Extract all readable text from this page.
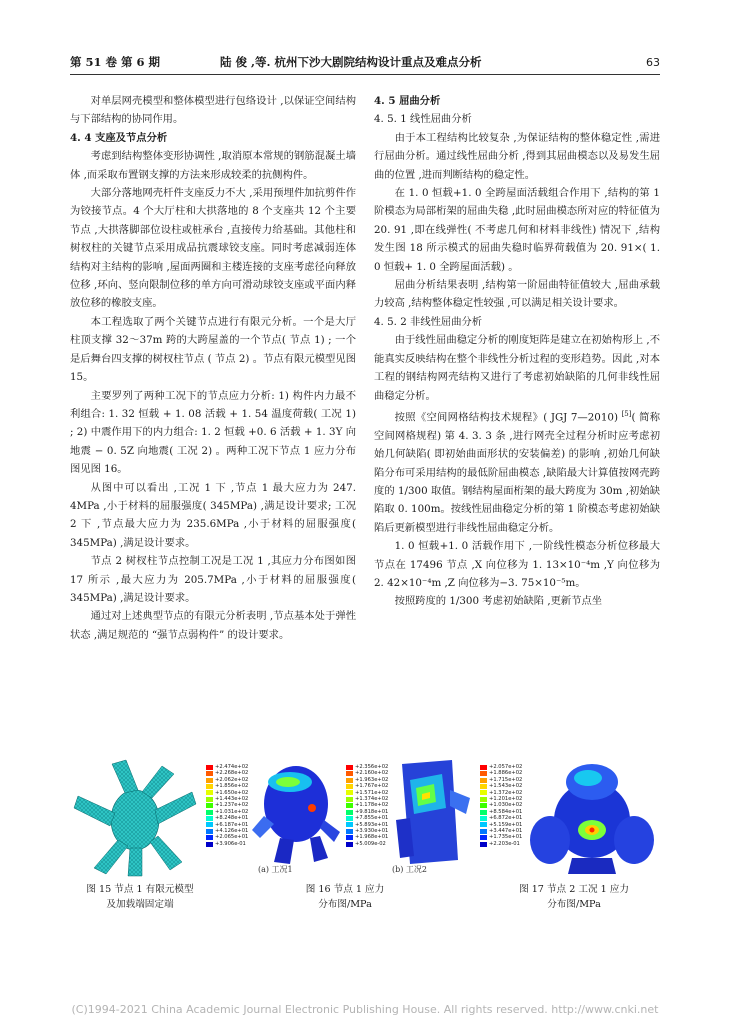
第 51 卷 第 6 期	陆 俊 ,等. 杭州下沙大剧院结构设计重点及难点分析	63

对单层网壳模型和整体模型进行包络设计 ,以保证空间结构与下部结构的协同作用。

4. 4 支座及节点分析

考虑到结构整体变形协调性 ,取消原本常规的钢筋混凝土墙体 ,而采取布置钢支撑的方法来形成较柔的抗侧构件。

大部分落地网壳杆件支座反力不大 ,采用预埋件加抗剪件作为铰接节点。4 个大厅柱和大拱落地的 8 个支座共 12 个主要节点 ,大拱落脚部位设柱或桩承台 ,直接传力给基础。其他柱和树杈柱的关键节点采用成品抗震球铰支座。同时考虑减弱连体结构对主结构的影响 ,屋面两圈和主楼连接的支座考虑径向释放位移 ,环向、竖向限制位移的单方向可滑动球铰支座或平面内释放位移的橡胶支座。

本工程选取了两个关键节点进行有限元分析。一个是大厅柱顶支撑 32～37m 跨的大跨屋盖的一个节点( 节点 1) ; 一个是后舞台四支撑的树杈柱节点 ( 节点 2) 。节点有限元模型见图 15。

主要罗列了两种工况下的节点应力分析: 1) 构件内力最不利组合: 1. 32 恒载 + 1. 08 活载 + 1. 54 温度荷载( 工况 1) ; 2) 中震作用下的内力组合: 1. 2 恒载 +0. 6 活载 + 1. 3Y 向地震 − 0. 5Z 向地震( 工况 2) 。两种工况下节点 1 应力分布图见图 16。

从图中可以看出 ,工况 1 下 ,节点 1 最大应力为 247. 4MPa ,小于材料的屈服强度( 345MPa) ,满足设计要求; 工况 2 下 ,节点最大应力为 235.6MPa ,小于材料的屈服强度( 345MPa) ,满足设计要求。

节点 2 树杈柱节点控制工况是工况 1 ,其应力分布图如图 17 所示 ,最大应力为 205.7MPa ,小于材料的屈服强度( 345MPa) ,满足设计要求。

通过对上述典型节点的有限元分析表明 ,节点基本处于弹性状态 ,满足规范的 “强节点弱构件” 的设计要求。

4. 5 屈曲分析
4. 5. 1 线性屈曲分析

由于本工程结构比较复杂 ,为保证结构的整体稳定性 ,需进行屈曲分析。通过线性屈曲分析 ,得到其屈曲模态以及易发生屈曲的位置 ,进而判断结构的稳定性。

在 1. 0 恒载+1. 0 全跨屋面活载组合作用下 ,结构的第 1 阶模态为局部桁架的屈曲失稳 ,此时屈曲模态所对应的特征值为 20. 91 ,即在线弹性( 不考虑几何和材料非线性) 情况下 ,结构发生图 18 所示模式的屈曲失稳时临界荷载值为 20. 91×( 1. 0 恒载+ 1. 0 全跨屋面活载) 。

屈曲分析结果表明 ,结构第一阶屈曲特征值较大 ,屈曲承载力较高 ,结构整体稳定性较强 ,可以满足相关设计要求。

4. 5. 2 非线性屈曲分析

由于线性屈曲稳定分析的刚度矩阵是建立在初始构形上 ,不能真实反映结构在整个非线性分析过程的变形趋势。因此 ,对本工程的钢结构网壳结构又进行了考虑初始缺陷的几何非线性屈曲稳定分析。

按照《空间网格结构技术规程》( JGJ 7—2010) [5]( 简称空间网格规程) 第 4. 3. 3 条 ,进行网壳全过程分析时应考虑初始几何缺陷( 即初始曲面形状的安装偏差) 的影响 ,初始几何缺陷分布可采用结构的最低阶屈曲模态 ,缺陷最大计算值按网壳跨度的 1/300 取值。钢结构屋面桁架的最大跨度为 30m ,初始缺陷取 0. 100m。按线性屈曲稳定分析的第 1 阶模态考虑初始缺陷后更新模型进行非线性屈曲稳定分析。

1. 0 恒载+1. 0 活载作用下 ,一阶线性模态分析位移最大节点在 17496 节点 ,X 向位移为 1. 13×10⁻⁴m ,Y 向位移为 2. 42×10⁻⁴m ,Z 向位移为−3. 75×10⁻⁵m。

按照跨度的 1/300 考虑初始缺陷 ,更新节点坐

+2.474e+02
+2.268e+02
+2.062e+02
+1.856e+02
+1.650e+02
+1.443e+02
+1.237e+02
+1.031e+02
+8.248e+01
+6.187e+01
+4.126e+01
+2.065e+01
+3.906e-01
(a) 工况1
+2.356e+02
+2.160e+02
+1.963e+02
+1.767e+02
+1.571e+02
+1.374e+02
+1.178e+02
+9.818e+01
+7.855e+01
+5.893e+01
+3.930e+01
+1.968e+01
+5.009e-02
(b) 工况2
+2.057e+02
+1.886e+02
+1.715e+02
+1.543e+02
+1.372e+02
+1.201e+02
+1.030e+02
+8.584e+01
+6.872e+01
+5.159e+01
+3.447e+01
+1.735e+01
+2.203e-01
图 15 节点 1 有限元模型
及加载端固定端
图 16 节点 1 应力
分布图/MPa
图 17 节点 2 工况 1 应力
分布图/MPa
(C)1994-2021 China Academic Journal Electronic Publishing House. All rights reserved. http://www.cnki.net
